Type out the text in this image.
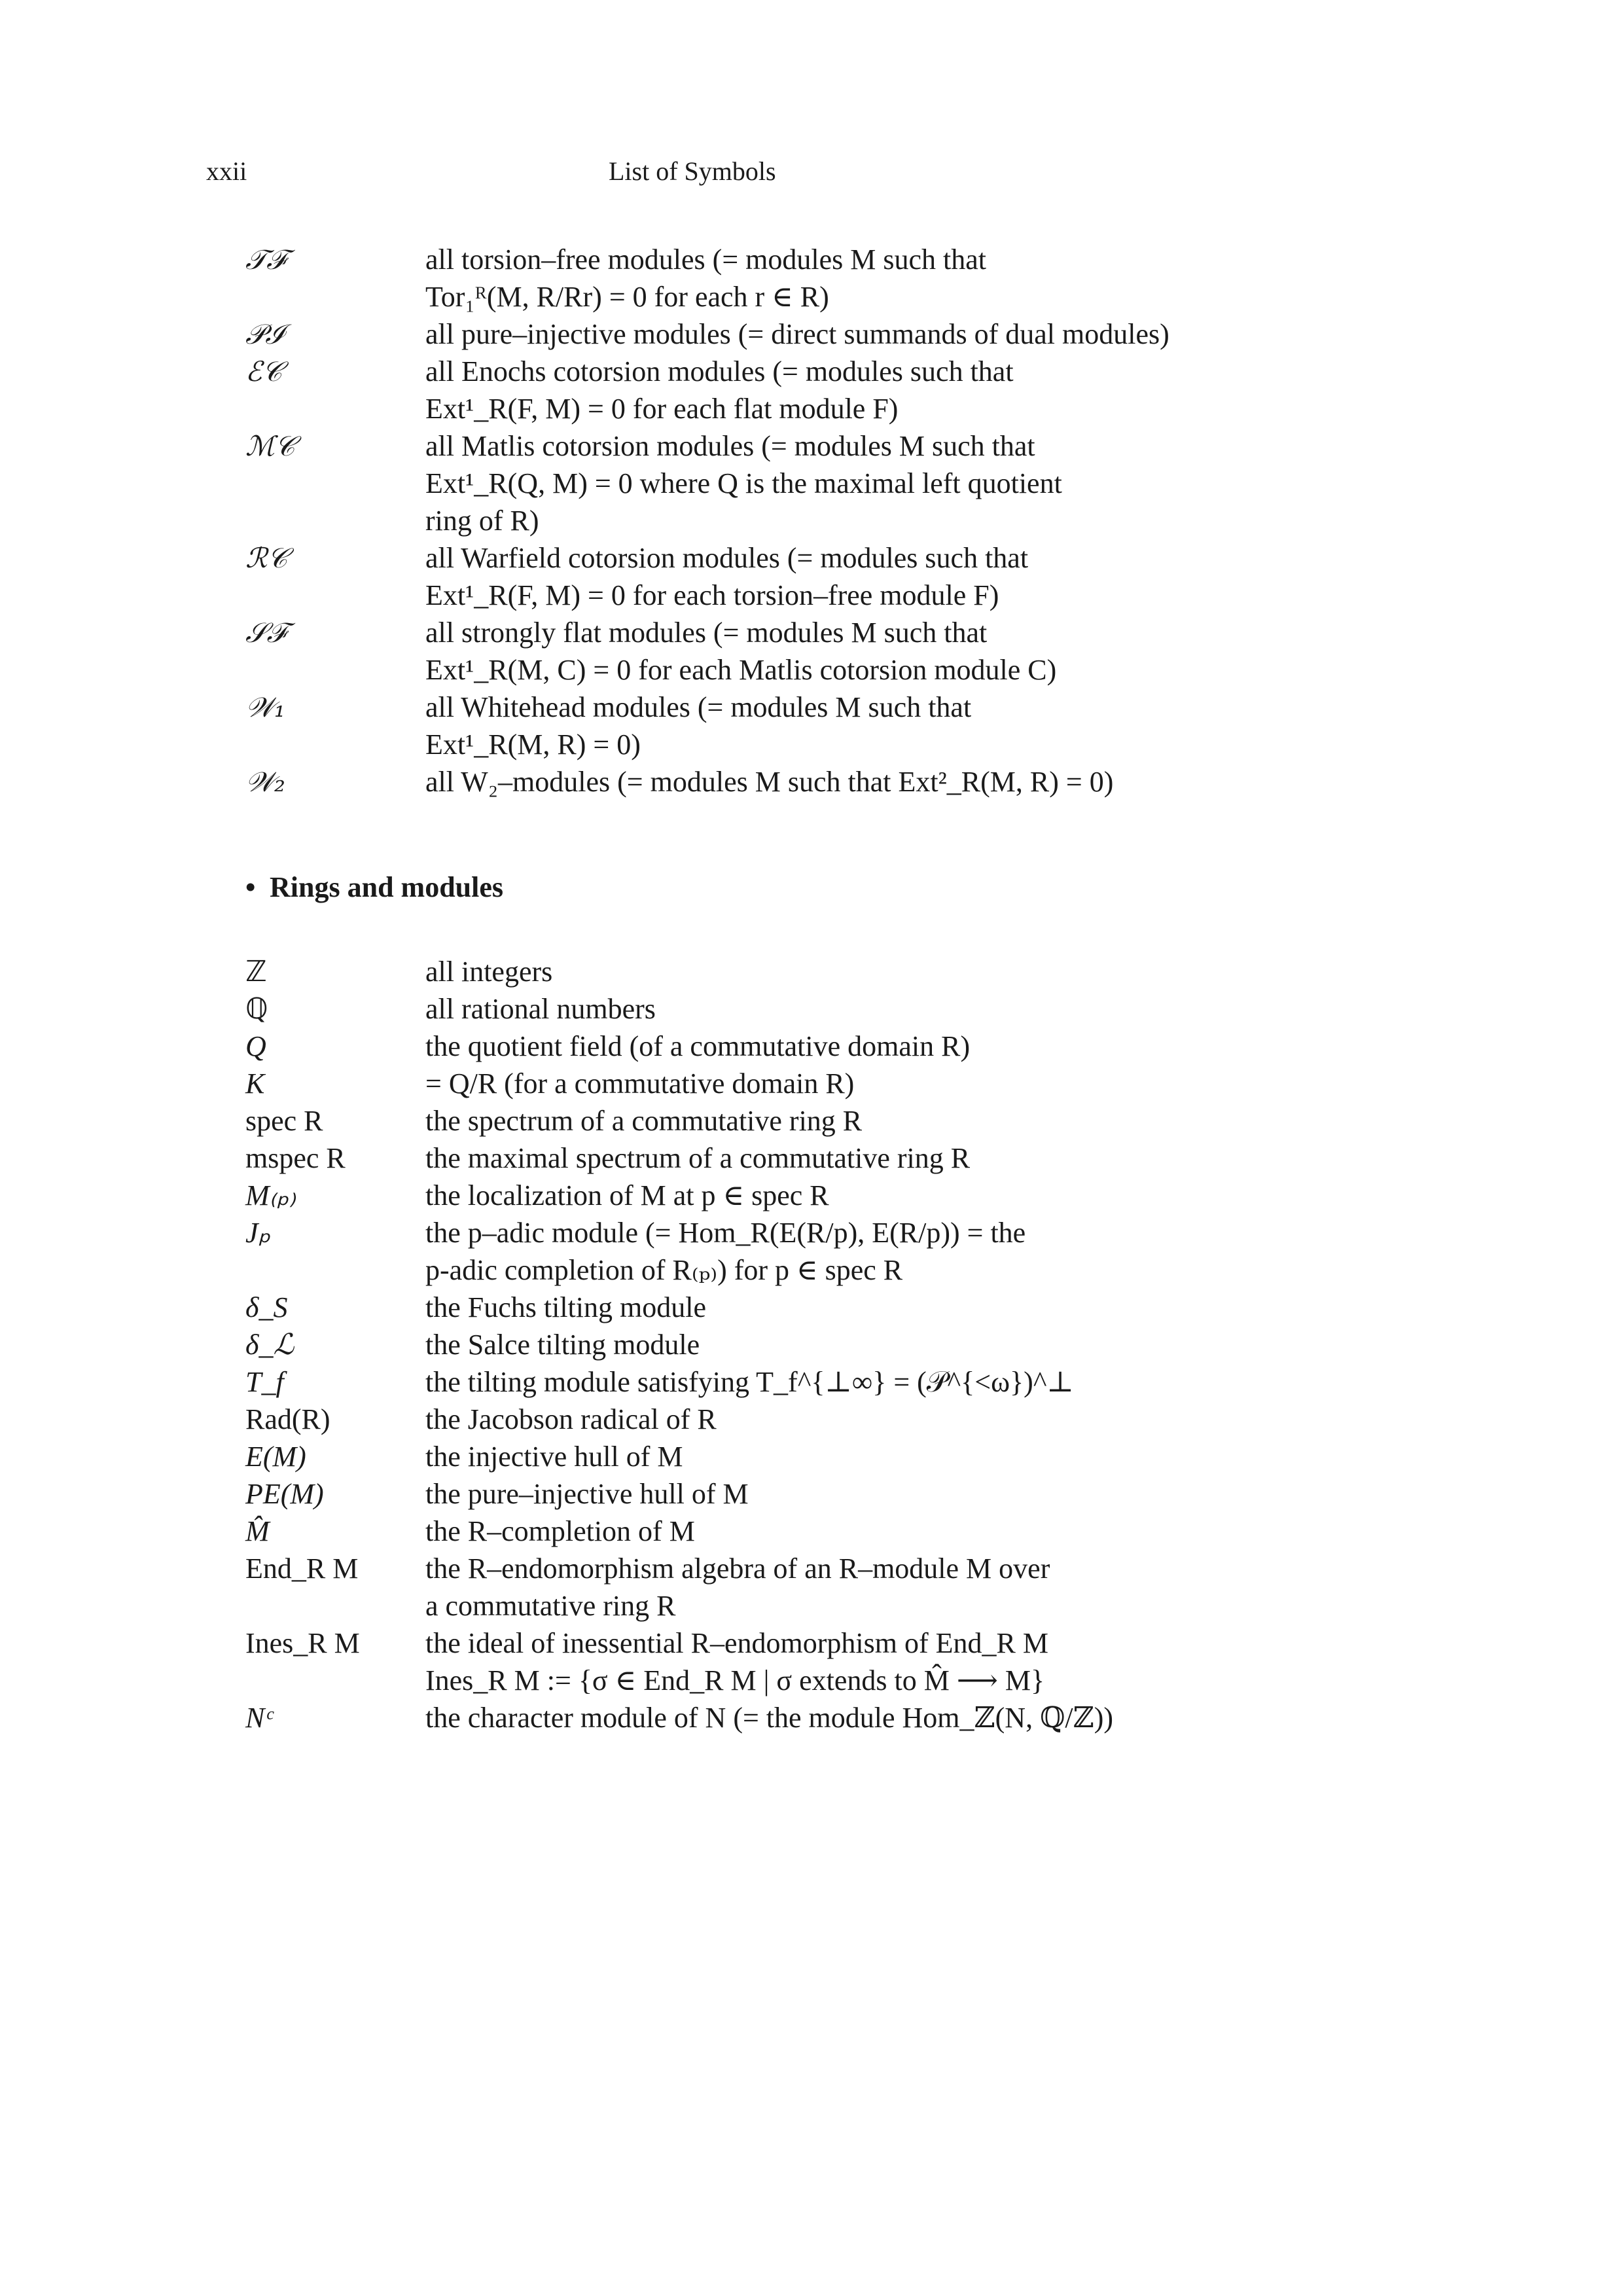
xxii	List of Symbols
𝒯ℱ	all torsion–free modules (= modules M such that
Tor₁ᴿ(M, R/Rr) = 0 for each r ∈ R)
𝒫ℐ	all pure–injective modules (= direct summands of dual modules)
ℰ𝒞	all Enochs cotorsion modules (= modules such that
Ext¹_R(F, M) = 0 for each flat module F)
ℳ𝒞	all Matlis cotorsion modules (= modules M such that
Ext¹_R(Q, M) = 0 where Q is the maximal left quotient
ring of R)
ℛ𝒞	all Warfield cotorsion modules (= modules such that
Ext¹_R(F, M) = 0 for each torsion–free module F)
𝒮ℱ	all strongly flat modules (= modules M such that
Ext¹_R(M, C) = 0 for each Matlis cotorsion module C)
𝒲₁	all Whitehead modules (= modules M such that
Ext¹_R(M, R) = 0)
𝒲₂	all W₂–modules (= modules M such that Ext²_R(M, R) = 0)
• Rings and modules
ℤ	all integers
ℚ	all rational numbers
Q	the quotient field (of a commutative domain R)
K	= Q/R (for a commutative domain R)
spec R	the spectrum of a commutative ring R
mspec R	the maximal spectrum of a commutative ring R
M₍ₚ₎	the localization of M at p ∈ spec R
Jₚ	the p–adic module (= Hom_R(E(R/p), E(R/p)) = the
p-adic completion of R₍ₚ₎) for p ∈ spec R
δ_S	the Fuchs tilting module
δ_ℒ	the Salce tilting module
T_f	the tilting module satisfying T_f^{⊥∞} = (𝒫^{<ω})^⊥
Rad(R)	the Jacobson radical of R
E(M)	the injective hull of M
PE(M)	the pure–injective hull of M
M̂	the R–completion of M
End_R M	the R–endomorphism algebra of an R–module M over
a commutative ring R
Ines_R M	the ideal of inessential R–endomorphism of End_R M
Ines_R M := {σ ∈ End_R M | σ extends to M̂ ⟶ M}
Nᶜ	the character module of N (= the module Hom_ℤ(N, ℚ/ℤ))
